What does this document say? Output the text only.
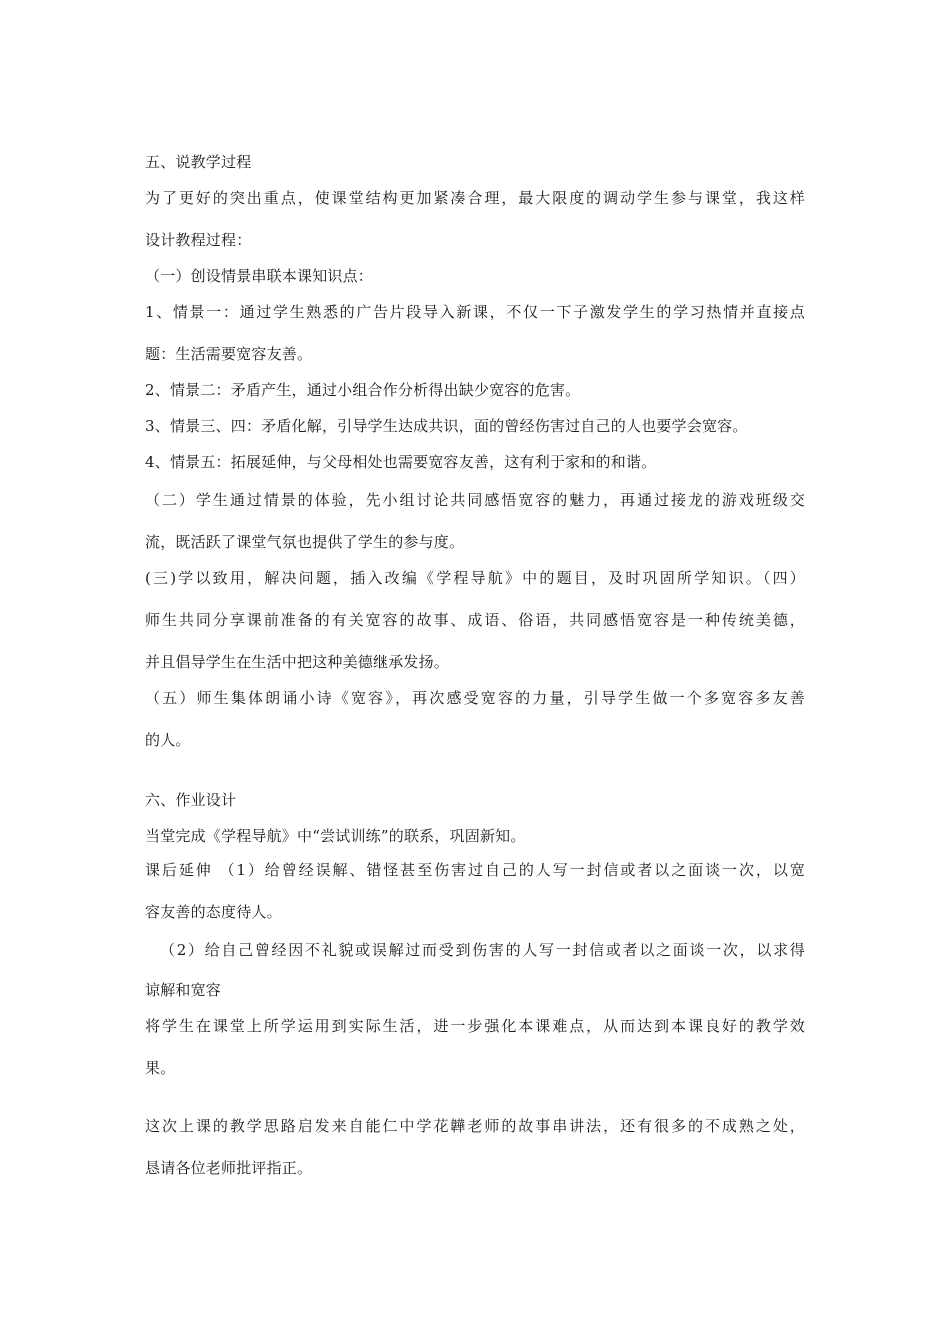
五、说教学过程
为了更好的突出重点，使课堂结构更加紧凑合理，最大限度的调动学生参与课堂，我这样
设计教程过程：
（一）创设情景串联本课知识点：
1、情景一：通过学生熟悉的广告片段导入新课，不仅一下子激发学生的学习热情并直接点
题：生活需要宽容友善。
2、情景二：矛盾产生，通过小组合作分析得出缺少宽容的危害。
3、情景三、四：矛盾化解，引导学生达成共识，面的曾经伤害过自己的人也要学会宽容。
4、情景五：拓展延伸，与父母相处也需要宽容友善，这有利于家和的和谐。
（二）学生通过情景的体验，先小组讨论共同感悟宽容的魅力，再通过接龙的游戏班级交
流，既活跃了课堂气氛也提供了学生的参与度。
(三)学以致用，解决问题，插入改编《学程导航》中的题目，及时巩固所学知识。（四）
师生共同分享课前准备的有关宽容的故事、成语、俗语，共同感悟宽容是一种传统美德，
并且倡导学生在生活中把这种美德继承发扬。
（五）师生集体朗诵小诗《宽容》，再次感受宽容的力量，引导学生做一个多宽容多友善
的人。
六、作业设计
当堂完成《学程导航》中“尝试训练”的联系，巩固新知。
课后延伸 （1）给曾经误解、错怪甚至伤害过自己的人写一封信或者以之面谈一次，以宽
容友善的态度待人。
（2）给自己曾经因不礼貌或误解过而受到伤害的人写一封信或者以之面谈一次，以求得
谅解和宽容
将学生在课堂上所学运用到实际生活，进一步强化本课难点，从而达到本课良好的教学效
果。
这次上课的教学思路启发来自能仁中学花韡老师的故事串讲法，还有很多的不成熟之处，
恳请各位老师批评指正。
